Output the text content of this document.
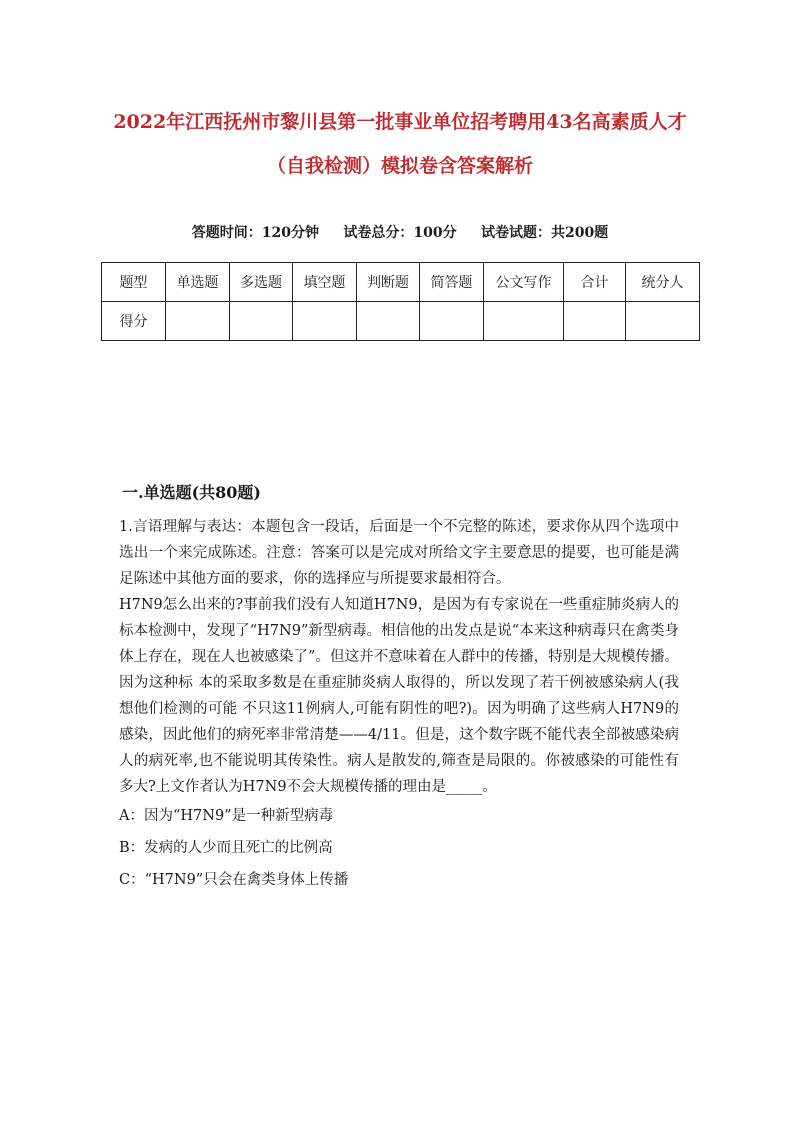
2022年江西抚州市黎川县第一批事业单位招考聘用43名高素质人才（自我检测）模拟卷含答案解析
答题时间：120分钟     试卷总分：100分     试卷试题：共200题
题型	单选题	多选题	填空题	判断题	简答题	公文写作	合计	统分人
得分								
一.单选题(共80题)

1.言语理解与表达：本题包含一段话，后面是一个不完整的陈述，要求你从四个选项中选出一个来完成陈述。注意：答案可以是完成对所给文字主要意思的提要，也可能是满足陈述中其他方面的要求，你的选择应与所提要求最相符合。

H7N9怎么出来的?事前我们没有人知道H7N9，是因为有专家说在一些重症肺炎病人的标本检测中，发现了“H7N9”新型病毒。相信他的出发点是说“本来这种病毒只在禽类身体上存在，现在人也被感染了”。但这并不意味着在人群中的传播，特别是大规模传播。因为这种标 本的采取多数是在重症肺炎病人取得的，所以发现了若干例被感染病人(我想他们检测的可能 不只这11例病人,可能有阴性的吧?)。因为明确了这些病人H7N9的感染，因此他们的病死率非常清楚——4/11。但是，这个数字既不能代表全部被感染病人的病死率,也不能说明其传染性。病人是散发的,筛查是局限的。你被感染的可能性有多大?上文作者认为H7N9不会大规模传播的理由是_____。

A：因为“H7N9”是一种新型病毒

B：发病的人少而且死亡的比例高

C：“H7N9”只会在禽类身体上传播
